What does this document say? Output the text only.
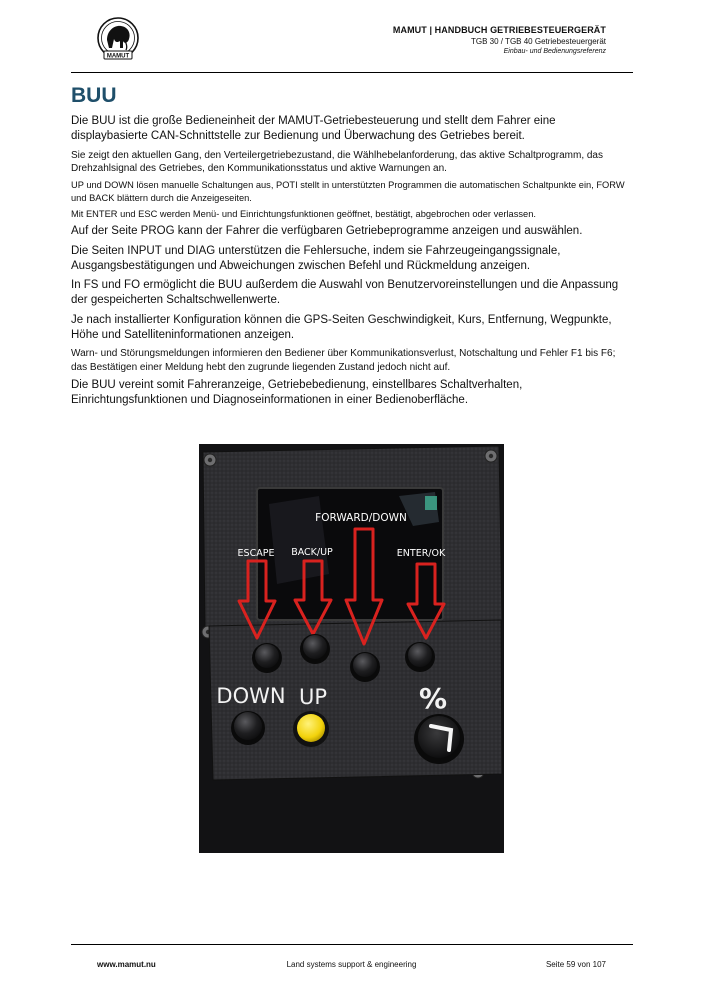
MAMUT
MAMUT | HANDBUCH GETRIEBESTEUERGERÄT
TGB 30 / TGB 40 Getriebesteuergerät
Einbau- und Bedienungsreferenz
BUU

Die BUU ist die große Bedieneinheit der MAMUT-Getriebesteuerung und stellt dem Fahrer eine displaybasierte CAN-Schnittstelle zur Bedienung und Überwachung des Getriebes bereit.

Sie zeigt den aktuellen Gang, den Verteilergetriebezustand, die Wählhebelanforderung, das aktive Schaltprogramm, das Drehzahlsignal des Getriebes, den Kommunikationsstatus und aktive Warnungen an.

UP und DOWN lösen manuelle Schaltungen aus, POTI stellt in unterstützten Programmen die automatischen Schaltpunkte ein, FORW und BACK blättern durch die Anzeigeseiten.

Mit ENTER und ESC werden Menü- und Einrichtungsfunktionen geöffnet, bestätigt, abgebrochen oder verlassen.

Auf der Seite PROG kann der Fahrer die verfügbaren Getriebeprogramme anzeigen und auswählen.

Die Seiten INPUT und DIAG unterstützen die Fehlersuche, indem sie Fahrzeugeingangssignale, Ausgangsbestätigungen und Abweichungen zwischen Befehl und Rückmeldung anzeigen.

In FS und FO ermöglicht die BUU außerdem die Auswahl von Benutzervoreinstellungen und die Anpassung der gespeicherten Schaltschwellenwerte.

Je nach installierter Konfiguration können die GPS-Seiten Geschwindigkeit, Kurs, Entfernung, Wegpunkte, Höhe und Satelliteninformationen anzeigen.

Warn- und Störungsmeldungen informieren den Bediener über Kommunikationsverlust, Notschaltung und Fehler F1 bis F6; das Bestätigen einer Meldung hebt den zugrunde liegenden Zustand jedoch nicht auf.

Die BUU vereint somit Fahreranzeige, Getriebebedienung, einstellbares Schaltverhalten, Einrichtungsfunktionen und Diagnoseinformationen in einer Bedienoberfläche.

FORWARD/DOWN
ESCAPE BACK/UP	ENTER/OK
DOWN UP	%
www.mamut.nu	Land systems support & engineering	Seite 59 von 107
